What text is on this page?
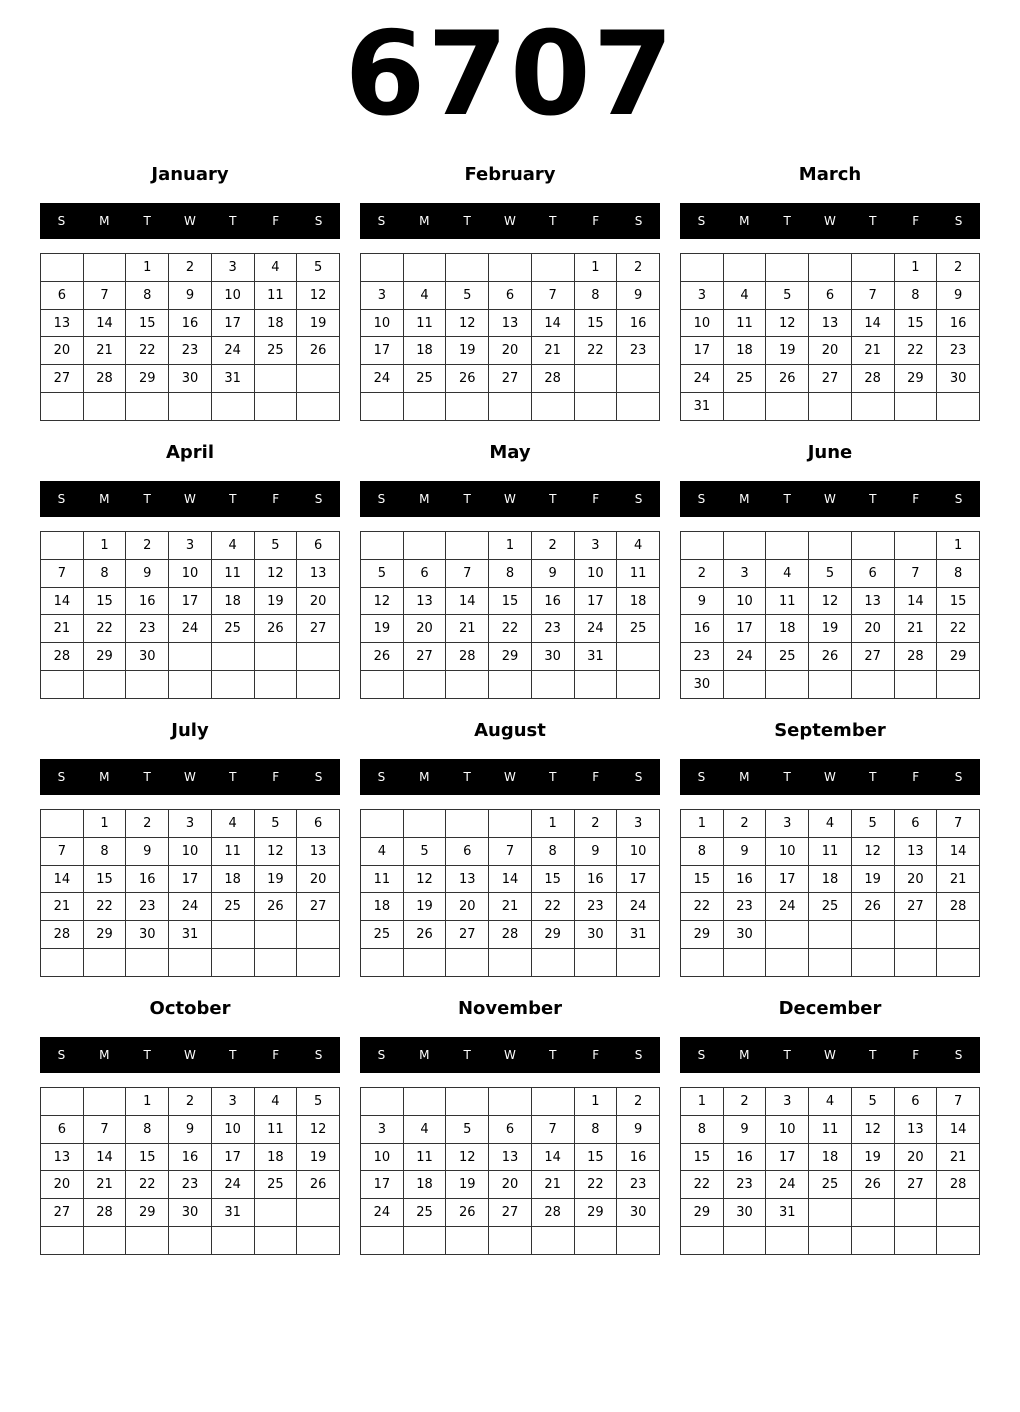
6707
January
S	M	T	W	T	F	S
		1	2	3	4	5
6	7	8	9	10	11	12
13	14	15	16	17	18	19
20	21	22	23	24	25	26
27	28	29	30	31		

February
S	M	T	W	T	F	S
					1	2
3	4	5	6	7	8	9
10	11	12	13	14	15	16
17	18	19	20	21	22	23
24	25	26	27	28		

March
S	M	T	W	T	F	S
					1	2
3	4	5	6	7	8	9
10	11	12	13	14	15	16
17	18	19	20	21	22	23
24	25	26	27	28	29	30
31						
April
S	M	T	W	T	F	S
	1	2	3	4	5	6
7	8	9	10	11	12	13
14	15	16	17	18	19	20
21	22	23	24	25	26	27
28	29	30				

May
S	M	T	W	T	F	S
			1	2	3	4
5	6	7	8	9	10	11
12	13	14	15	16	17	18
19	20	21	22	23	24	25
26	27	28	29	30	31	

June
S	M	T	W	T	F	S
						1
2	3	4	5	6	7	8
9	10	11	12	13	14	15
16	17	18	19	20	21	22
23	24	25	26	27	28	29
30						
July
S	M	T	W	T	F	S
	1	2	3	4	5	6
7	8	9	10	11	12	13
14	15	16	17	18	19	20
21	22	23	24	25	26	27
28	29	30	31			

August
S	M	T	W	T	F	S
				1	2	3
4	5	6	7	8	9	10
11	12	13	14	15	16	17
18	19	20	21	22	23	24
25	26	27	28	29	30	31

September
S	M	T	W	T	F	S
1	2	3	4	5	6	7
8	9	10	11	12	13	14
15	16	17	18	19	20	21
22	23	24	25	26	27	28
29	30					

October
S	M	T	W	T	F	S
		1	2	3	4	5
6	7	8	9	10	11	12
13	14	15	16	17	18	19
20	21	22	23	24	25	26
27	28	29	30	31		

November
S	M	T	W	T	F	S
					1	2
3	4	5	6	7	8	9
10	11	12	13	14	15	16
17	18	19	20	21	22	23
24	25	26	27	28	29	30

December
S	M	T	W	T	F	S
1	2	3	4	5	6	7
8	9	10	11	12	13	14
15	16	17	18	19	20	21
22	23	24	25	26	27	28
29	30	31				
